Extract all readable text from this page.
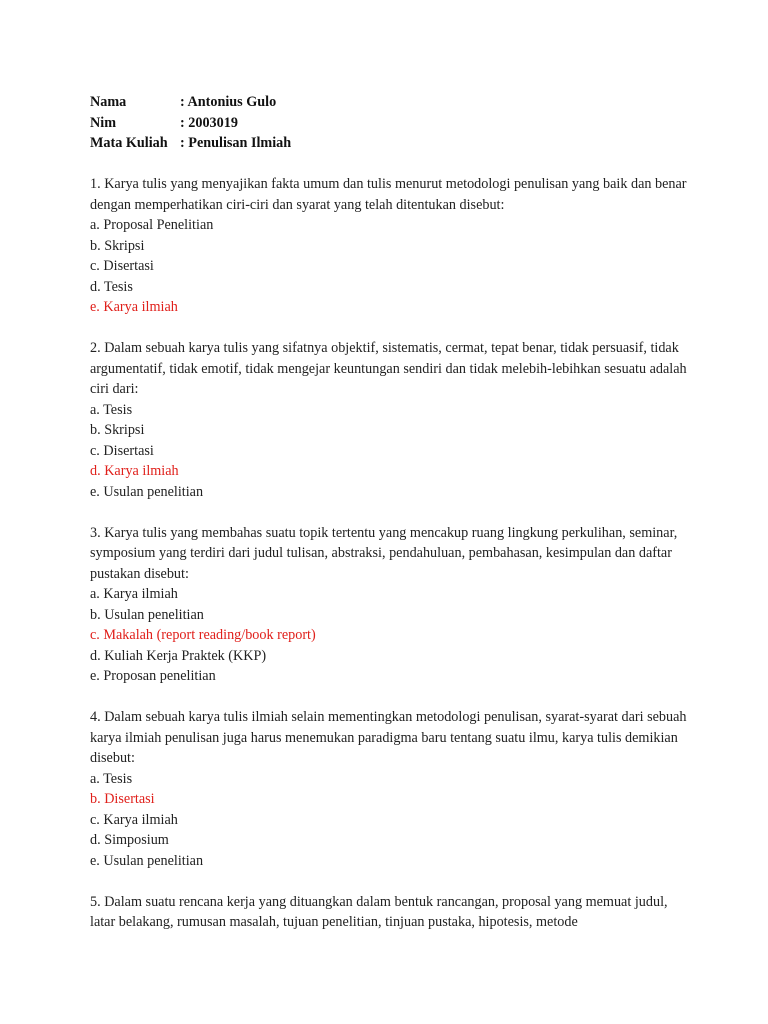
Nama	: Antonius Gulo
Nim	: 2003019
Mata Kuliah : Penulisan Ilmiah

1. Karya tulis yang menyajikan fakta umum dan tulis menurut metodologi penulisan yang baik dan benar dengan memperhatikan ciri-ciri dan syarat yang telah ditentukan disebut:

a. Proposal Penelitian

b. Skripsi

c. Disertasi

d. Tesis

e. Karya ilmiah

2. Dalam sebuah karya tulis yang sifatnya objektif, sistematis, cermat, tepat benar, tidak persuasif, tidak argumentatif, tidak emotif, tidak mengejar keuntungan sendiri dan tidak melebih-lebihkan sesuatu adalah ciri dari:

a. Tesis

b. Skripsi

c. Disertasi

d. Karya ilmiah

e. Usulan penelitian

3. Karya tulis yang membahas suatu topik tertentu yang mencakup ruang lingkung perkulihan, seminar, symposium yang terdiri dari judul tulisan, abstraksi, pendahuluan, pembahasan, kesimpulan dan daftar pustakan disebut:

a. Karya ilmiah

b. Usulan penelitian

c. Makalah (report reading/book report)

d. Kuliah Kerja Praktek (KKP)

e. Proposan penelitian

4. Dalam sebuah karya tulis ilmiah selain mementingkan metodologi penulisan, syarat-syarat dari sebuah karya ilmiah penulisan juga harus menemukan paradigma baru tentang suatu ilmu, karya tulis demikian disebut:

a. Tesis

b. Disertasi

c. Karya ilmiah

d. Simposium

e. Usulan penelitian

5. Dalam suatu rencana kerja yang dituangkan dalam bentuk rancangan, proposal yang memuat judul, latar belakang, rumusan masalah, tujuan penelitian, tinjuan pustaka, hipotesis, metode
